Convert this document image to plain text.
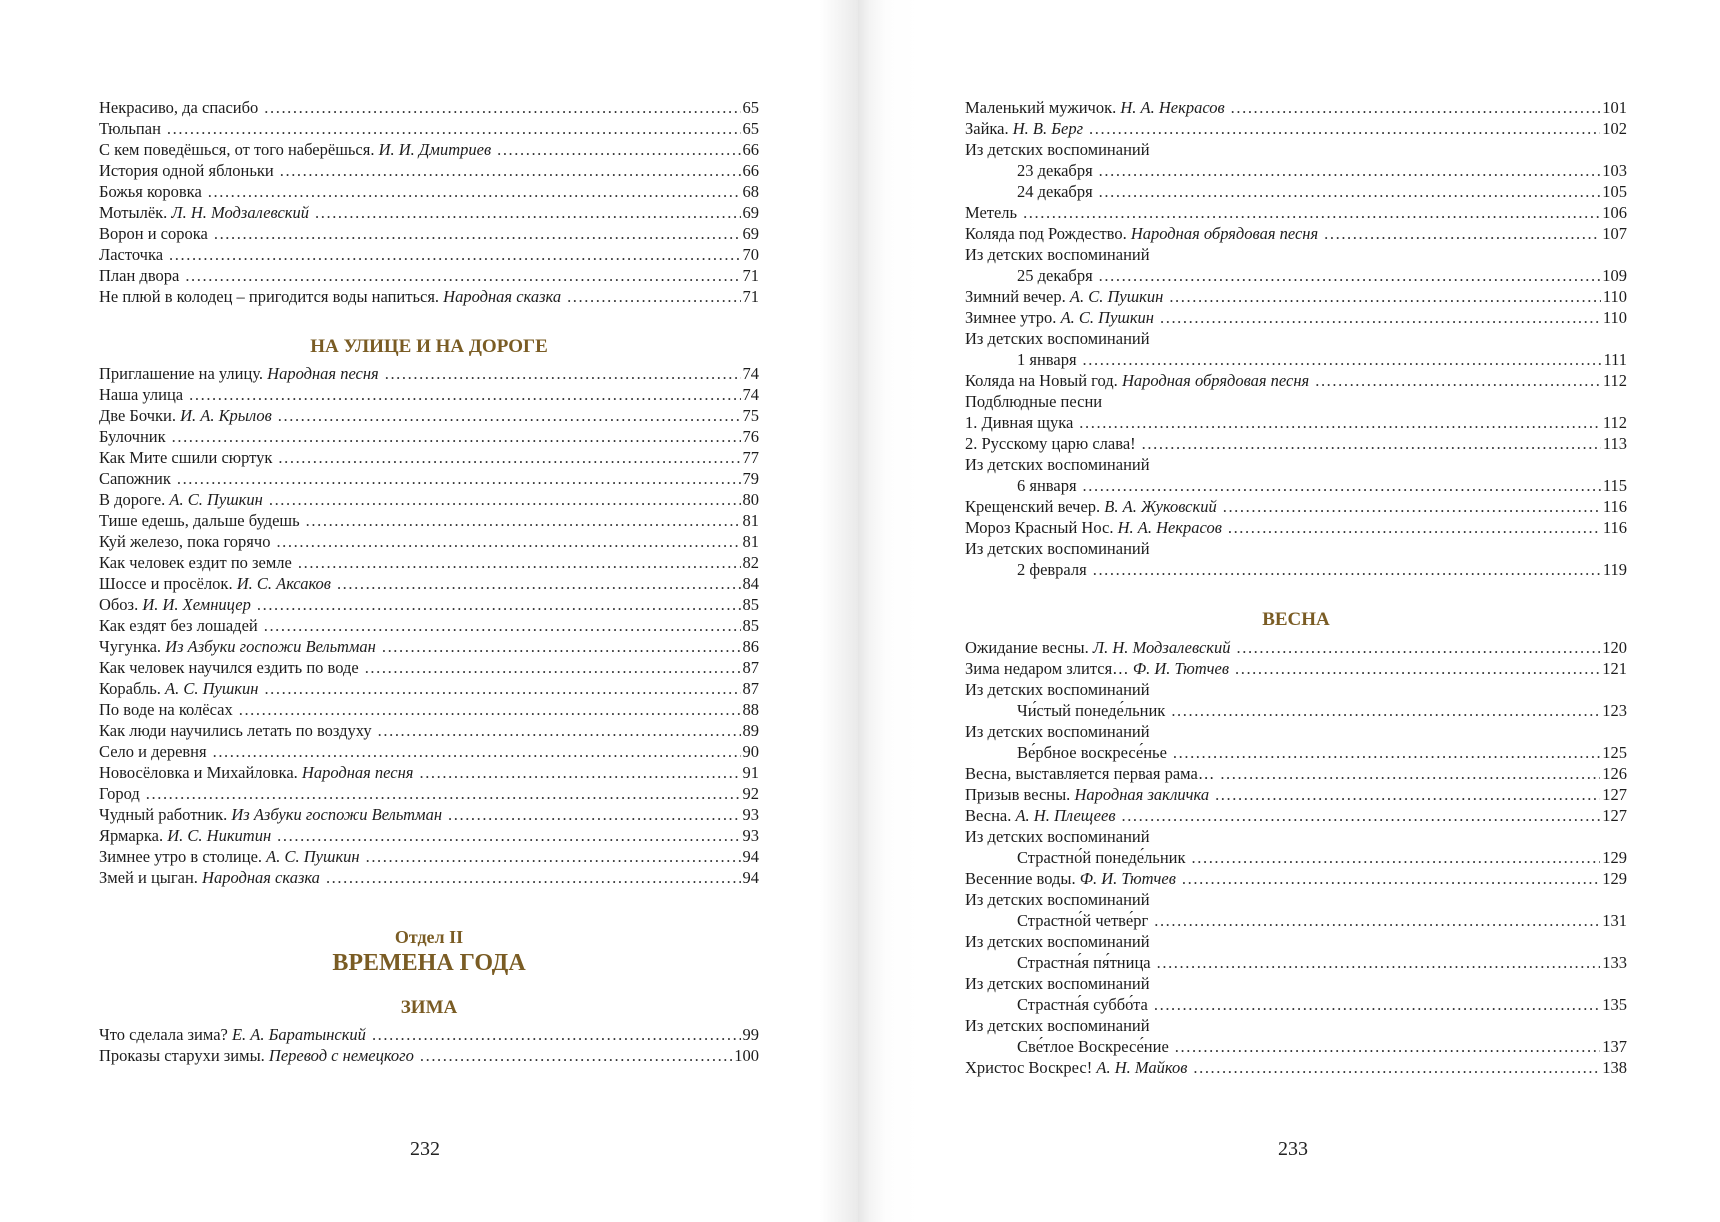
Некрасиво, да спасибо .....	65
Тюльпан .....	65
С кем поведёшься, от того наберёшься. И. И. Дмитриев .....	66
История одной яблоньки .....	66
Божья коровка .....	68
Мотылёк. Л. Н. Модзалевский .....	69
Ворон и сорока .....	69
Ласточка .....	70
План двора .....	71
Не плюй в колодец – пригодится воды напиться. Народная сказка .....	71
НА УЛИЦЕ И НА ДОРОГЕ
Приглашение на улицу. Народная песня .....	74
Наша улица .....	74
Две Бочки. И. А. Крылов .....	75
Булочник .....	76
Как Мите сшили сюртук .....	77
Сапожник .....	79
В дороге. А. С. Пушкин .....	80
Тише едешь, дальше будешь .....	81
Куй железо, пока горячо .....	81
Как человек ездит по земле .....	82
Шоссе и просёлок. И. С. Аксаков .....	84
Обоз. И. И. Хемницер .....	85
Как ездят без лошадей .....	85
Чугунка. Из Азбуки госпожи Вельтман .....	86
Как человек научился ездить по воде .....	87
Корабль. А. С. Пушкин .....	87
По воде на колёсах .....	88
Как люди научились летать по воздуху .....	89
Село и деревня .....	90
Новосёловка и Михайловка. Народная песня .....	91
Город .....	92
Чудный работник. Из Азбуки госпожи Вельтман .....	93
Ярмарка. И. С. Никитин .....	93
Зимнее утро в столице. А. С. Пушкин .....	94
Змей и цыган. Народная сказка .....	94
Отдел II
ВРЕМЕНА ГОДА
ЗИМА
Что сделала зима? Е. А. Баратынский .....	99
Проказы старухи зимы. Перевод с немецкого .....	100
232
Маленький мужичок. Н. А. Некрасов .....	101
Зайка. Н. В. Берг .....	102
Из детских воспоминаний
23 декабря .....	103
24 декабря .....	105
Метель .....	106
Коляда под Рождество. Народная обрядовая песня .....	107
Из детских воспоминаний
25 декабря .....	109
Зимний вечер. А. С. Пушкин .....	110
Зимнее утро. А. С. Пушкин .....	110
Из детских воспоминаний
1 января .....	111
Коляда на Новый год. Народная обрядовая песня .....	112
Подблюдные песни
1. Дивная щука .....	112
2. Русскому царю слава! .....	113
Из детских воспоминаний
6 января .....	115
Крещенский вечер. В. А. Жуковский .....	116
Мороз Красный Нос. Н. А. Некрасов .....	116
Из детских воспоминаний
2 февраля .....	119
ВЕСНА
Ожидание весны. Л. Н. Модзалевский .....	120
Зима недаром злится… Ф. И. Тютчев .....	121
Из детских воспоминаний
Чи́стый понеде́льник .....	123
Из детских воспоминаний
Ве́рбное воскресе́нье .....	125
Весна, выставляется первая рама… .....	126
Призыв весны. Народная закличка .....	127
Весна. А. Н. Плещеев .....	127
Из детских воспоминаний
Страстно́й понеде́льник .....	129
Весенние воды. Ф. И. Тютчев .....	129
Из детских воспоминаний
Страстно́й четве́рг .....	131
Из детских воспоминаний
Страстна́я пя́тница .....	133
Из детских воспоминаний
Страстна́я суббо́та .....	135
Из детских воспоминаний
Све́тлое Воскресе́ние .....	137
Христос Воскрес! А. Н. Майков .....	138
233
